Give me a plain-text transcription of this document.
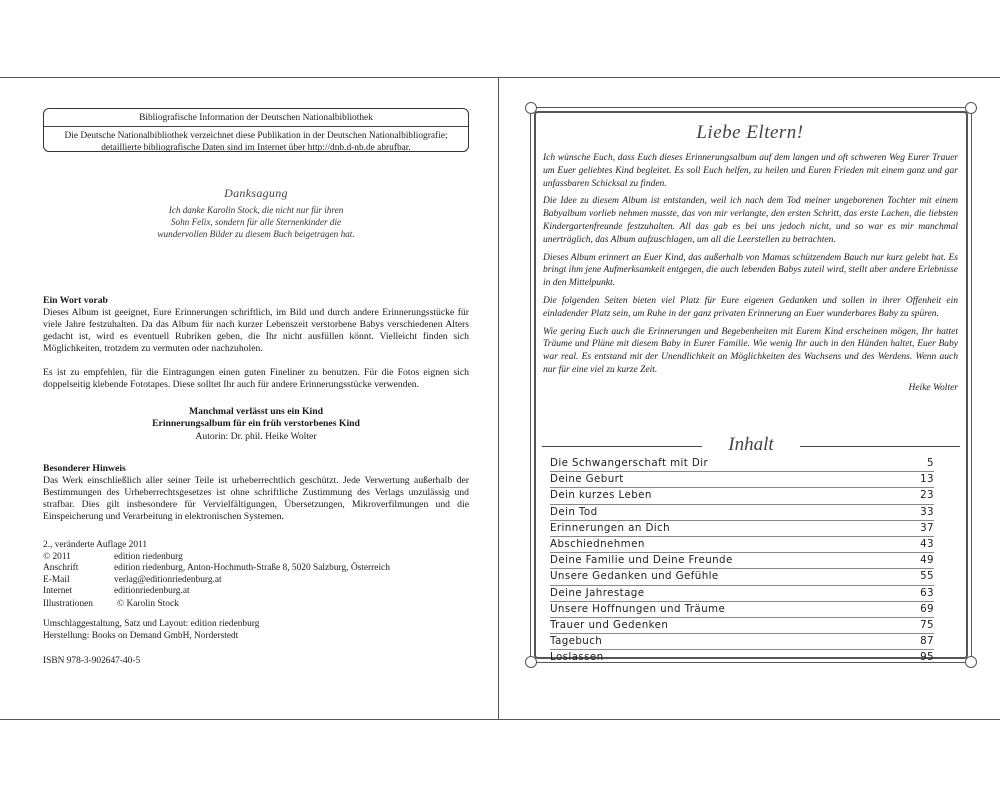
Bibliografische Information der Deutschen Nationalbibliothek
Die Deutsche Nationalbibliothek verzeichnet diese Publikation in der Deutschen Nationalbibliografie; detaillierte bibliografische Daten sind im Internet über http://dnb.d-nb.de abrufbar.
Danksagung
Ich danke Karolin Stock, die nicht nur für ihren
Sohn Felix, sondern für alle Sternenkinder die
wundervollen Bilder zu diesem Buch beigetragen hat.
Ein Wort vorab
Dieses Album ist geeignet, Eure Erinnerungen schriftlich, im Bild und durch andere Erinnerungsstücke für viele Jahre festzuhalten. Da das Album für nach kurzer Lebenszeit verstorbene Babys verschiedenen Alters gedacht ist, wird es eventuell Rubriken geben, die Ihr nicht ausfüllen könnt. Vielleicht finden sich Möglichkeiten, trotzdem zu vermuten oder nachzuholen.
Es ist zu empfehlen, für die Eintragungen einen guten Fineliner zu benutzen. Für die Fotos eignen sich doppelseitig klebende Fototapes. Diese solltet Ihr auch für andere Erinnerungsstücke verwenden.
Manchmal verlässt uns ein Kind
Erinnerungsalbum für ein früh verstorbenes Kind
Autorin: Dr. phil. Heike Wolter
Besonderer Hinweis
Das Werk einschließlich aller seiner Teile ist urheberrechtlich geschützt. Jede Verwertung außerhalb der Bestimmungen des Urheberrechtsgesetzes ist ohne schriftliche Zustimmung des Verlags unzulässig und strafbar. Dies gilt insbesondere für Vervielfältigungen, Übersetzungen, Mikroverfilmungen und die Einspeicherung und Verarbeitung in elektronischen Systemen.
2., veränderte Auflage 2011
© 2011	edition riedenburg
Anschrift	edition riedenburg, Anton-Hochmuth-Straße 8, 5020 Salzburg, Österreich
E-Mail	verlag@editionriedenburg.at
Internet	editionriedenburg.at
Illustrationen	© Karolin Stock
Umschlaggestaltung, Satz und Layout: edition riedenburg
Herstellung: Books on Demand GmbH, Norderstedt
ISBN 978-3-902647-40-5
Liebe Eltern!

Ich wünsche Euch, dass Euch dieses Erinnerungsalbum auf dem langen und oft schweren Weg Eurer Trauer um Euer geliebtes Kind begleitet. Es soll Euch helfen, zu heilen und Euren Frieden mit einem ganz und gar unfassbaren Schicksal zu finden.

Die Idee zu diesem Album ist entstanden, weil ich nach dem Tod meiner ungeborenen Tochter mit einem Babyalbum vorlieb nehmen musste, das von mir verlangte, den ersten Schritt, das erste Lachen, die liebsten Kindergartenfreunde festzuhalten. All das gab es bei uns jedoch nicht, und so war es mir manchmal unerträglich, das Album aufzuschlagen, um all die Leerstellen zu betrachten.

Dieses Album erinnert an Euer Kind, das außerhalb von Mamas schützendem Bauch nur kurz gelebt hat. Es bringt ihm jene Aufmerksamkeit entgegen, die auch lebenden Babys zuteil wird, stellt aber andere Erlebnisse in den Mittelpunkt.

Die folgenden Seiten bieten viel Platz für Eure eigenen Gedanken und sollen in ihrer Offenheit ein einladender Platz sein, um Ruhe in der ganz privaten Erinnerung an Euer wunderbares Baby zu spüren.

Wie gering Euch auch die Erinnerungen und Begebenheiten mit Eurem Kind erscheinen mögen, Ihr hattet Träume und Pläne mit diesem Baby in Eurer Familie. Wie wenig Ihr auch in den Händen haltet, Euer Baby war real. Es entstand mit der Unendlichkeit an Möglichkeiten des Wachsens und des Werdens. Wenn auch nur für eine viel zu kurze Zeit.

Heike Wolter
Inhalt
Die Schwangerschaft mit Dir	5
Deine Geburt	13
Dein kurzes Leben	23
Dein Tod	33
Erinnerungen an Dich	37
Abschiednehmen	43
Deine Familie und Deine Freunde	49
Unsere Gedanken und Gefühle	55
Deine Jahrestage	63
Unsere Hoffnungen und Träume	69
Trauer und Gedenken	75
Tagebuch	87
Loslassen	95
